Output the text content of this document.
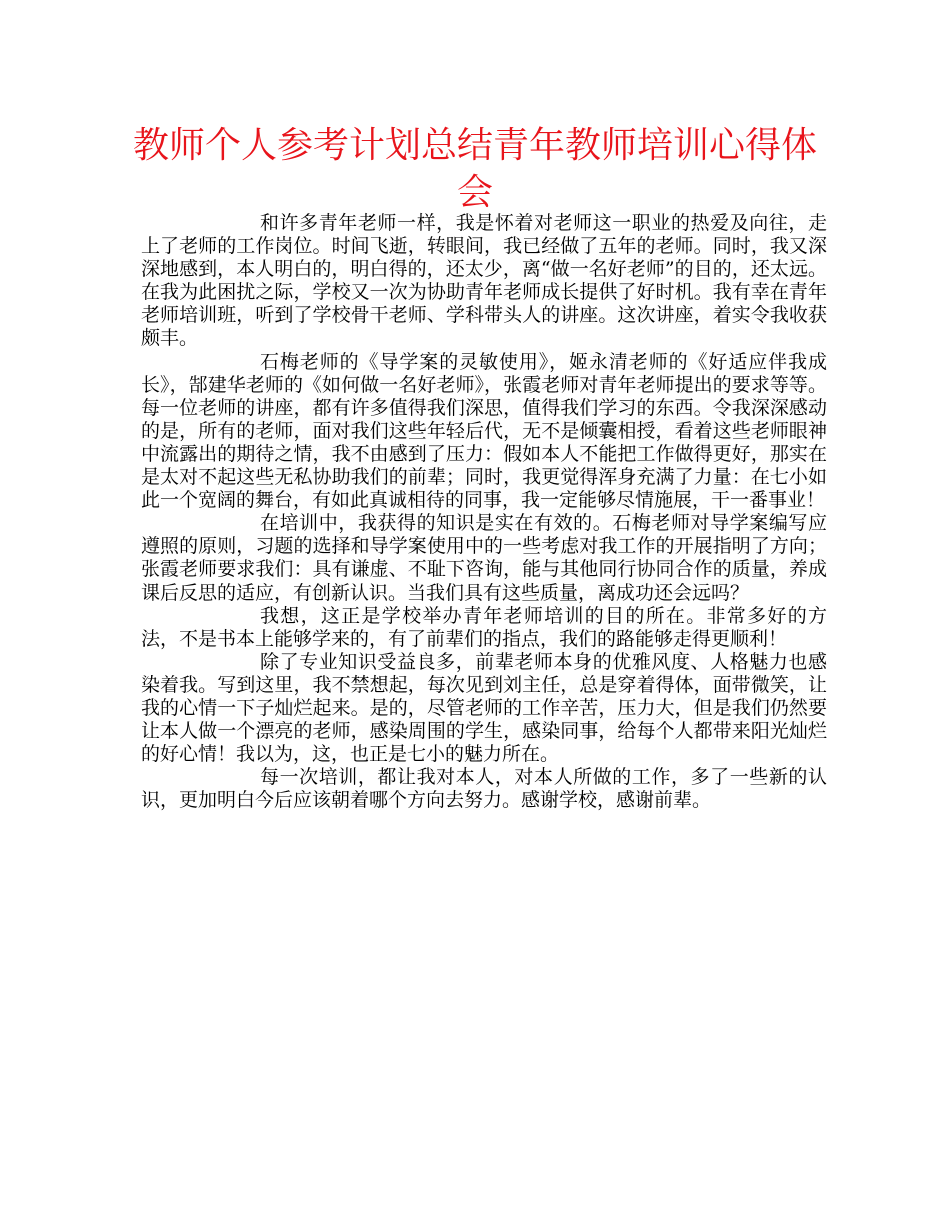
教师个人参考计划总结青年教师培训心得体会

和许多青年老师一样，我是怀着对老师这一职业的热爱及向往，走上了老师的工作岗位。时间飞逝，转眼间，我已经做了五年的老师。同时，我又深深地感到，本人明白的，明白得的，还太少，离“做一名好老师”的目的，还太远。在我为此困扰之际，学校又一次为协助青年老师成长提供了好时机。我有幸在青年老师培训班，听到了学校骨干老师、学科带头人的讲座。这次讲座，着实令我收获颇丰。

石梅老师的《导学案的灵敏使用》，姬永清老师的《好适应伴我成长》，郜建华老师的《如何做一名好老师》，张霞老师对青年老师提出的要求等等。每一位老师的讲座，都有许多值得我们深思，值得我们学习的东西。令我深深感动的是，所有的老师，面对我们这些年轻后代，无不是倾囊相授，看着这些老师眼神中流露出的期待之情，我不由感到了压力：假如本人不能把工作做得更好，那实在是太对不起这些无私协助我们的前辈；同时，我更觉得浑身充满了力量：在七小如此一个宽阔的舞台，有如此真诚相待的同事，我一定能够尽情施展，干一番事业！

在培训中，我获得的知识是实在有效的。石梅老师对导学案编写应遵照的原则，习题的选择和导学案使用中的一些考虑对我工作的开展指明了方向；张霞老师要求我们：具有谦虚、不耻下咨询，能与其他同行协同合作的质量，养成课后反思的适应，有创新认识。当我们具有这些质量，离成功还会远吗？

我想，这正是学校举办青年老师培训的目的所在。非常多好的方法，不是书本上能够学来的，有了前辈们的指点，我们的路能够走得更顺利！

除了专业知识受益良多，前辈老师本身的优雅风度、人格魅力也感染着我。写到这里，我不禁想起，每次见到刘主任，总是穿着得体，面带微笑，让我的心情一下子灿烂起来。是的，尽管老师的工作辛苦，压力大，但是我们仍然要让本人做一个漂亮的老师，感染周围的学生，感染同事，给每个人都带来阳光灿烂的好心情！我以为，这，也正是七小的魅力所在。

每一次培训，都让我对本人，对本人所做的工作，多了一些新的认识，更加明白今后应该朝着哪个方向去努力。感谢学校，感谢前辈。
